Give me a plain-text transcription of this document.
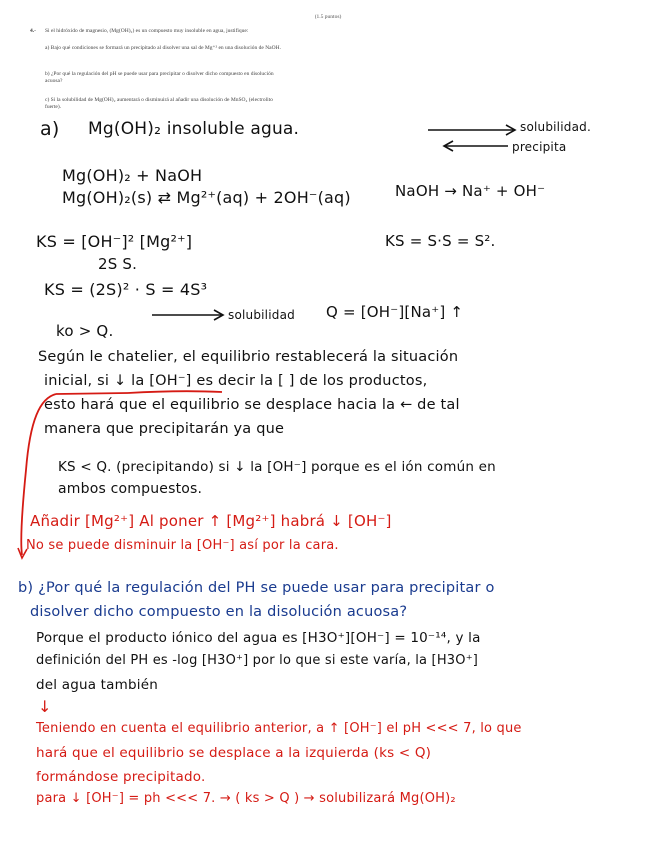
(1.5 puntos)
4.- Si el hidróxido de magnesio, (Mg(OH)₂) es un compuesto muy insoluble en agua, justifique:
a) Bajo qué condiciones se formará un precipitado al disolver una sal de Mg⁺² en una disolución de NaOH.
b) ¿Por qué la regulación del pH se puede usar para precipitar o disolver dicho compuesto en disolución acuosa?
c) Si la solubilidad de Mg(OH)₂ aumentará o disminuirá al añadir una disolución de MnSO₄ (electrolito fuerte).
a) Mg(OH)₂ insoluble agua.	solubilidad.
precipita
Mg(OH)₂ + NaOH
Mg(OH)₂(s) ⇄ Mg²⁺(aq) + 2OH⁻(aq)	NaOH → Na⁺ + OH⁻
KS = [OH⁻]² [Mg²⁺]
2S S.
KS = S·S = S².
KS = (2S)² · S = 4S³
solubilidad Q = [OH⁻][Na⁺] ↑
ko > Q.
Según le chatelier, el equilibrio restablecerá la situación
inicial, si ↓ la [OH⁻] es decir la [ ] de los productos,
esto hará que el equilibrio se desplace hacia la ← de tal
manera que precipitarán ya que
KS < Q. (precipitando) si ↓ la [OH⁻] porque es el ión común en
ambos compuestos.
Añadir [Mg²⁺] Al poner ↑ [Mg²⁺] habrá ↓ [OH⁻]
No se puede disminuir la [OH⁻] así por la cara.
b) ¿Por qué la regulación del PH se puede usar para precipitar o
disolver dicho compuesto en la disolución acuosa?
Porque el producto iónico del agua es [H3O⁺][OH⁻] = 10⁻¹⁴, y la
definición del PH es -log [H3O⁺] por lo que si este varía, la [H3O⁺]
del agua también
↓
Teniendo en cuenta el equilibrio anterior, a ↑ [OH⁻] el pH <<< 7, lo que
hará que el equilibrio se desplace a la izquierda (ks < Q)
formándose precipitado.
para ↓ [OH⁻] = ph <<< 7. → ( ks > Q ) → solubilizará Mg(OH)₂
